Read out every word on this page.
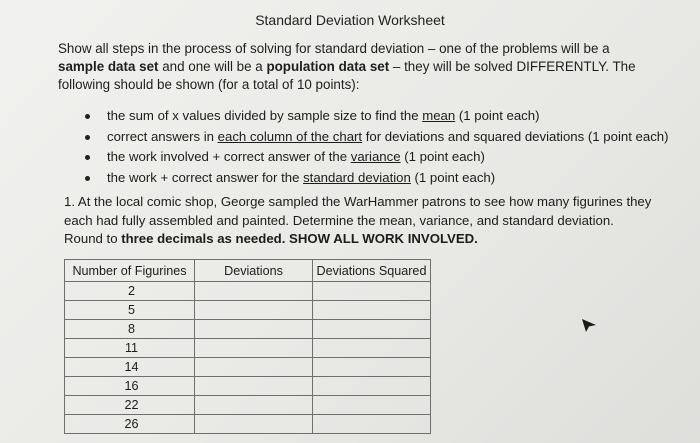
Standard Deviation Worksheet
Show all steps in the process of solving for standard deviation – one of the problems will be a sample data set and one will be a population data set – they will be solved DIFFERENTLY. The following should be shown (for a total of 10 points):
the sum of x values divided by sample size to find the mean (1 point each)
correct answers in each column of the chart for deviations and squared deviations (1 point each)
the work involved + correct answer of the variance (1 point each)
the work + correct answer for the standard deviation (1 point each)
1. At the local comic shop, George sampled the WarHammer patrons to see how many figurines they each had fully assembled and painted. Determine the mean, variance, and standard deviation. Round to three decimals as needed. SHOW ALL WORK INVOLVED.
Number of Figurines	Deviations	Deviations Squared
2		
5		
8		
11		
14		
16		
22		
26		
